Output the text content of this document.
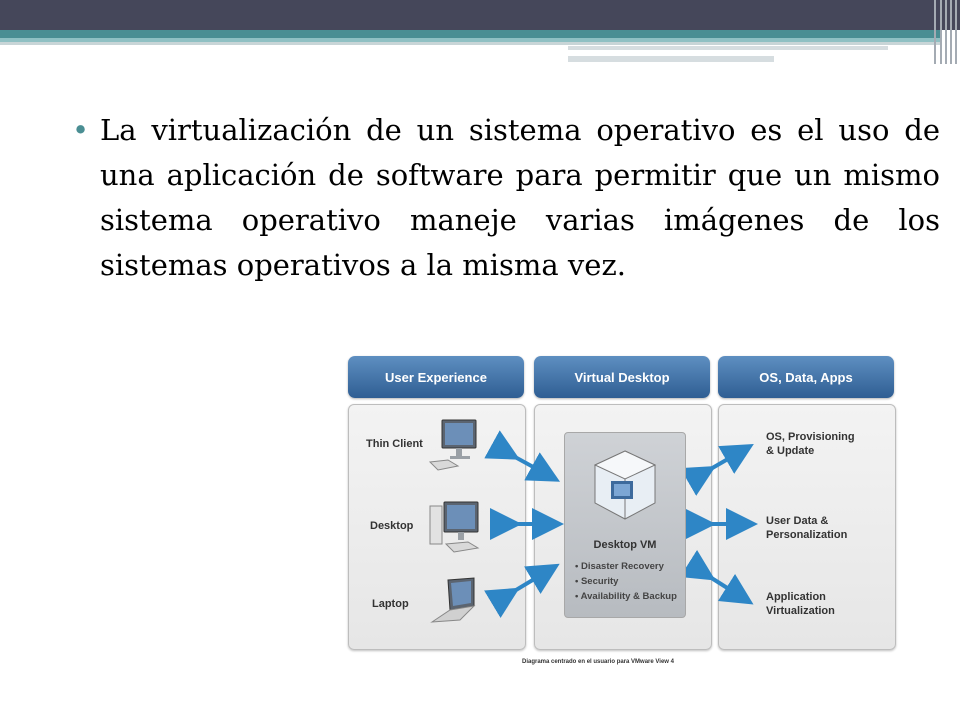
• La virtualización de un sistema operativo es el uso de una aplicación de software para permitir que un mismo sistema operativo maneje varias imágenes de los sistemas operativos a la misma vez.
User Experience	Virtual Desktop	OS, Data, Apps
Thin Client
Desktop
Laptop
Desktop VM
• Disaster Recovery
• Security
• Availability & Backup
OS, Provisioning
& Update
User Data &
Personalization
Application
Virtualization
Diagrama centrado en el usuario para VMware View 4
